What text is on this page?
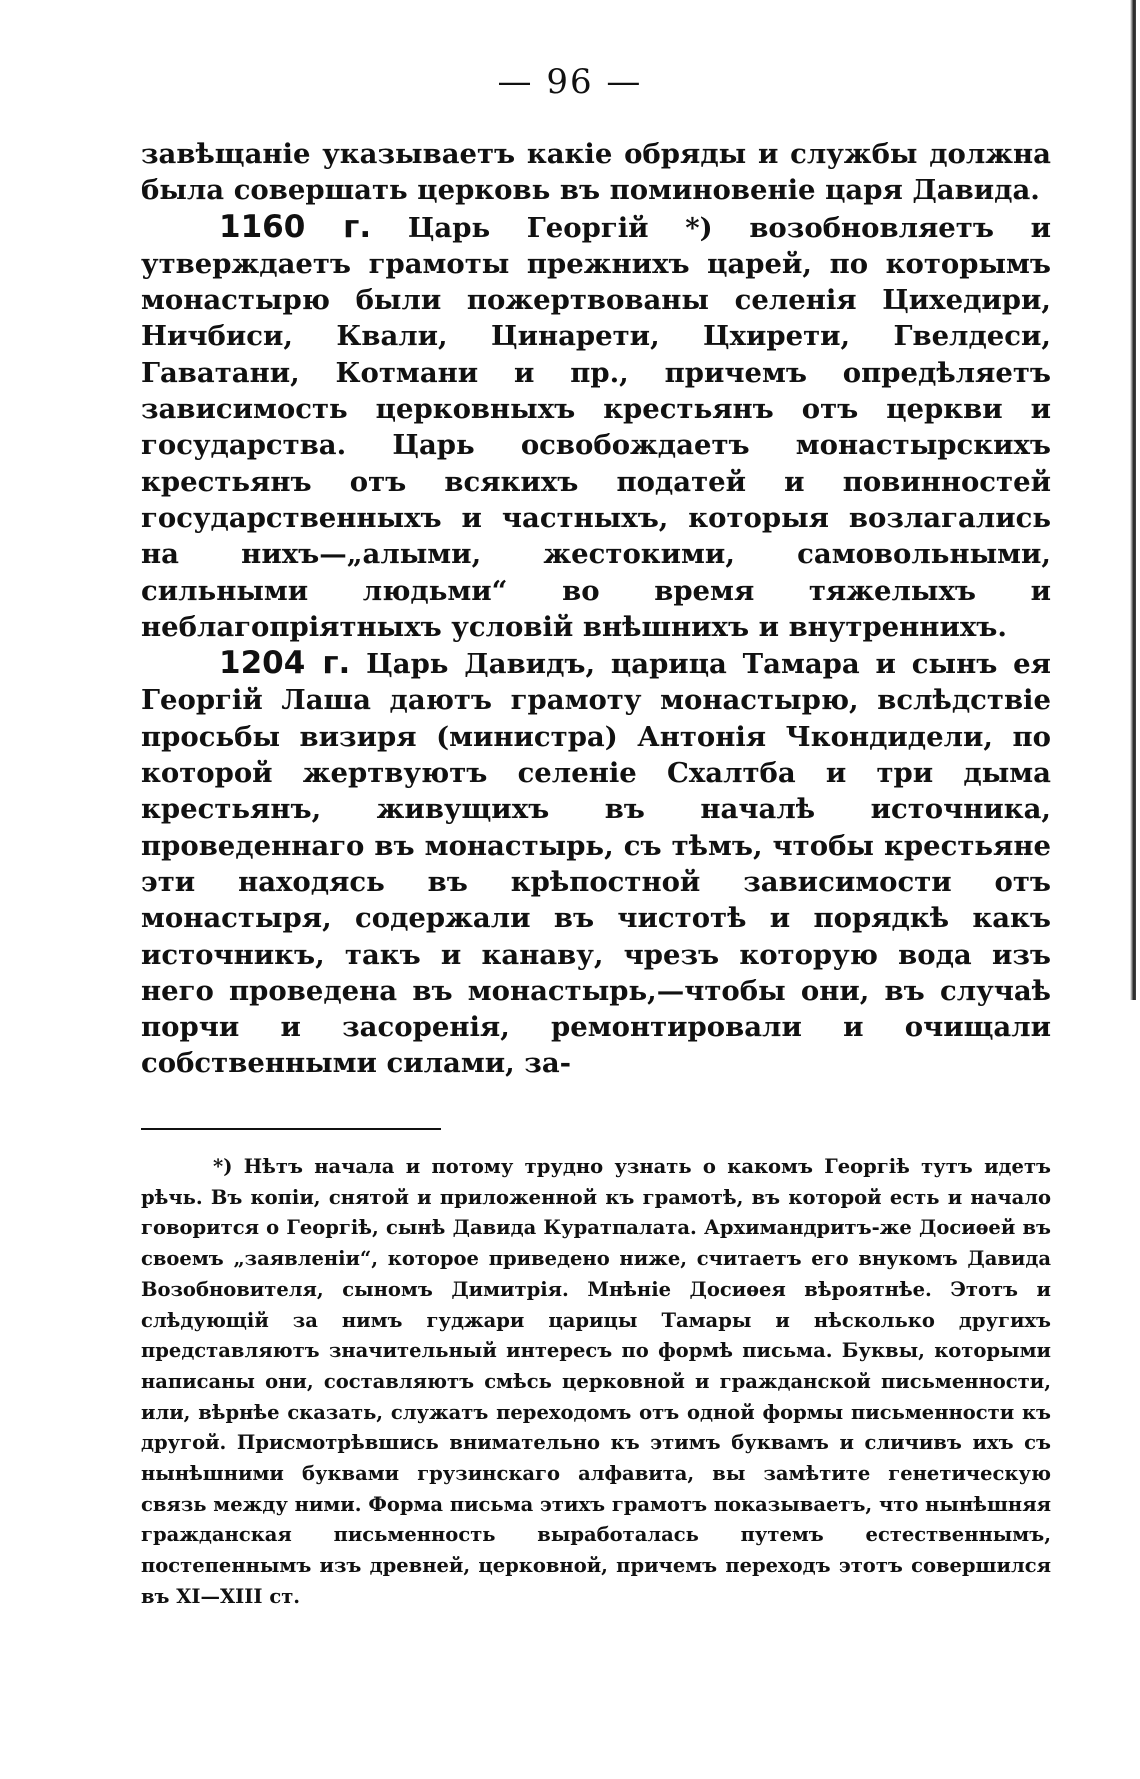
— 96 —

завѣщаніе указываетъ какіе обряды и службы должна была совершать церковь въ поминовеніе царя Давида.

1160 г. Царь Георгій *) возобновляетъ и утверждаетъ грамоты прежнихъ царей, по которымъ монастырю были пожертвованы селенія Цихедири, Ничбиси, Квали, Цинарети, Цхирети, Гвелдеси, Гаватани, Котмани и пр., причемъ опредѣляетъ зависимость церковныхъ крестьянъ отъ церкви и государства. Царь освобождаетъ монастырскихъ крестьянъ отъ всякихъ податей и повинностей государственныхъ и частныхъ, которыя возлагались на нихъ—„алыми, жестокими, самовольными, сильными людьми“ во время тяжелыхъ и неблагопріятныхъ условій внѣшнихъ и внутреннихъ.

1204 г. Царь Давидъ, царица Тамара и сынъ ея Георгій Лаша даютъ грамоту монастырю, вслѣдствіе просьбы визиря (министра) Антонія Чкондидели, по которой жертвуютъ селеніе Схалтба и три дыма крестьянъ, живущихъ въ началѣ источника, проведеннаго въ монастырь, съ тѣмъ, чтобы крестьяне эти находясь въ крѣпостной зависимости отъ монастыря, содержали въ чистотѣ и порядкѣ какъ источникъ, такъ и канаву, чрезъ которую вода изъ него проведена въ монастырь,—чтобы они, въ случаѣ порчи и засоренія, ремонтировали и очищали собственными силами, за-

*) Нѣтъ начала и потому трудно узнать о какомъ Георгіѣ тутъ идетъ рѣчь. Въ копіи, снятой и приложенной къ грамотѣ, въ которой есть и начало говорится о Георгіѣ, сынѣ Давида Куратпалата. Архимандритъ-же Досиѳей въ своемъ „заявленіи“, которое приведено ниже, считаетъ его внукомъ Давида Возобновителя, сыномъ Димитрія. Мнѣніе Досиѳея вѣроятнѣе. Этотъ и слѣдующій за нимъ гуджари царицы Тамары и нѣсколько другихъ представляютъ значительный интересъ по формѣ письма. Буквы, которыми написаны они, составляютъ смѣсь церковной и гражданской письменности, или, вѣрнѣе сказать, служатъ переходомъ отъ одной формы письменности къ другой. Присмотрѣвшись внимательно къ этимъ буквамъ и сличивъ ихъ съ нынѣшними буквами грузинскаго алфавита, вы замѣтите генетическую связь между ними. Форма письма этихъ грамотъ показываетъ, что нынѣшняя гражданская письменность выработалась путемъ естественнымъ, постепеннымъ изъ древней, церковной, причемъ переходъ этотъ совершился въ XI—XIII ст.
